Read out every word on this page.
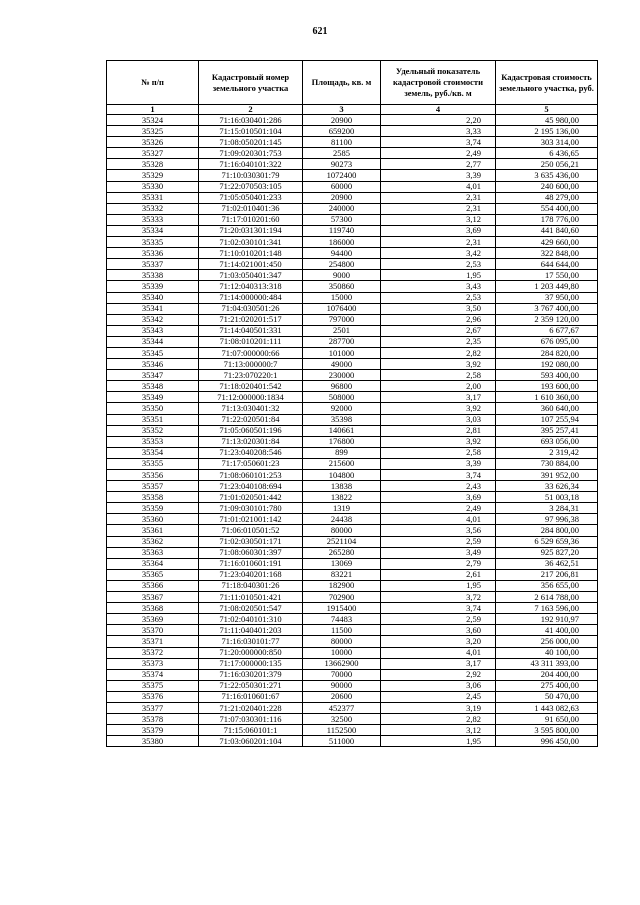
621
№ п/п	Кадастровый номер земельного участка	Площадь, кв. м	Удельный показатель кадастровой стоимости земель, руб./кв. м	Кадастровая стоимость земельного участка, руб.
1	2	3	4	5
35324	71:16:030401:286	20900	2,20	45 980,00
35325	71:15:010501:104	659200	3,33	2 195 136,00
35326	71:08:050201:145	81100	3,74	303 314,00
35327	71:09:020301:753	2585	2,49	6 436,65
35328	71:16:040101:322	90273	2,77	250 056,21
35329	71:10:030301:79	1072400	3,39	3 635 436,00
35330	71:22:070503:105	60000	4,01	240 600,00
35331	71:05:050401:233	20900	2,31	48 279,00
35332	71:02:010401:36	240000	2,31	554 400,00
35333	71:17:010201:60	57300	3,12	178 776,00
35334	71:20:031301:194	119740	3,69	441 840,60
35335	71:02:030101:341	186000	2,31	429 660,00
35336	71:10:010201:148	94400	3,42	322 848,00
35337	71:14:021001:450	254800	2,53	644 644,00
35338	71:03:050401:347	9000	1,95	17 550,00
35339	71:12:040313:318	350860	3,43	1 203 449,80
35340	71:14:000000:484	15000	2,53	37 950,00
35341	71:04:030501:26	1076400	3,50	3 767 400,00
35342	71:21:020201:517	797000	2,96	2 359 120,00
35343	71:14:040501:331	2501	2,67	6 677,67
35344	71:08:010201:111	287700	2,35	676 095,00
35345	71:07:000000:66	101000	2,82	284 820,00
35346	71:13:000000:7	49000	3,92	192 080,00
35347	71:23:070220:1	230000	2,58	593 400,00
35348	71:18:020401:542	96800	2,00	193 600,00
35349	71:12:000000:1834	508000	3,17	1 610 360,00
35350	71:13:030401:32	92000	3,92	360 640,00
35351	71:22:020501:84	35398	3,03	107 255,94
35352	71:05:060501:196	140661	2,81	395 257,41
35353	71:13:020301:84	176800	3,92	693 056,00
35354	71:23:040208:546	899	2,58	2 319,42
35355	71:17:050601:23	215600	3,39	730 884,00
35356	71:08:060101:253	104800	3,74	391 952,00
35357	71:23:040108:694	13838	2,43	33 626,34
35358	71:01:020501:442	13822	3,69	51 003,18
35359	71:09:030101:780	1319	2,49	3 284,31
35360	71:01:021001:142	24438	4,01	97 996,38
35361	71:06:010501:52	80000	3,56	284 800,00
35362	71:02:030501:171	2521104	2,59	6 529 659,36
35363	71:08:060301:397	265280	3,49	925 827,20
35364	71:16:010601:191	13069	2,79	36 462,51
35365	71:23:040201:168	83221	2,61	217 206,81
35366	71:18:040301:26	182900	1,95	356 655,00
35367	71:11:010501:421	702900	3,72	2 614 788,00
35368	71:08:020501:547	1915400	3,74	7 163 596,00
35369	71:02:040101:310	74483	2,59	192 910,97
35370	71:11:040401:203	11500	3,60	41 400,00
35371	71:16:030101:77	80000	3,20	256 000,00
35372	71:20:000000:850	10000	4,01	40 100,00
35373	71:17:000000:135	13662900	3,17	43 311 393,00
35374	71:16:030201:379	70000	2,92	204 400,00
35375	71:22:050301:271	90000	3,06	275 400,00
35376	71:16:010601:67	20600	2,45	50 470,00
35377	71:21:020401:228	452377	3,19	1 443 082,63
35378	71:07:030301:116	32500	2,82	91 650,00
35379	71:15:060101:1	1152500	3,12	3 595 800,00
35380	71:03:060201:104	511000	1,95	996 450,00
